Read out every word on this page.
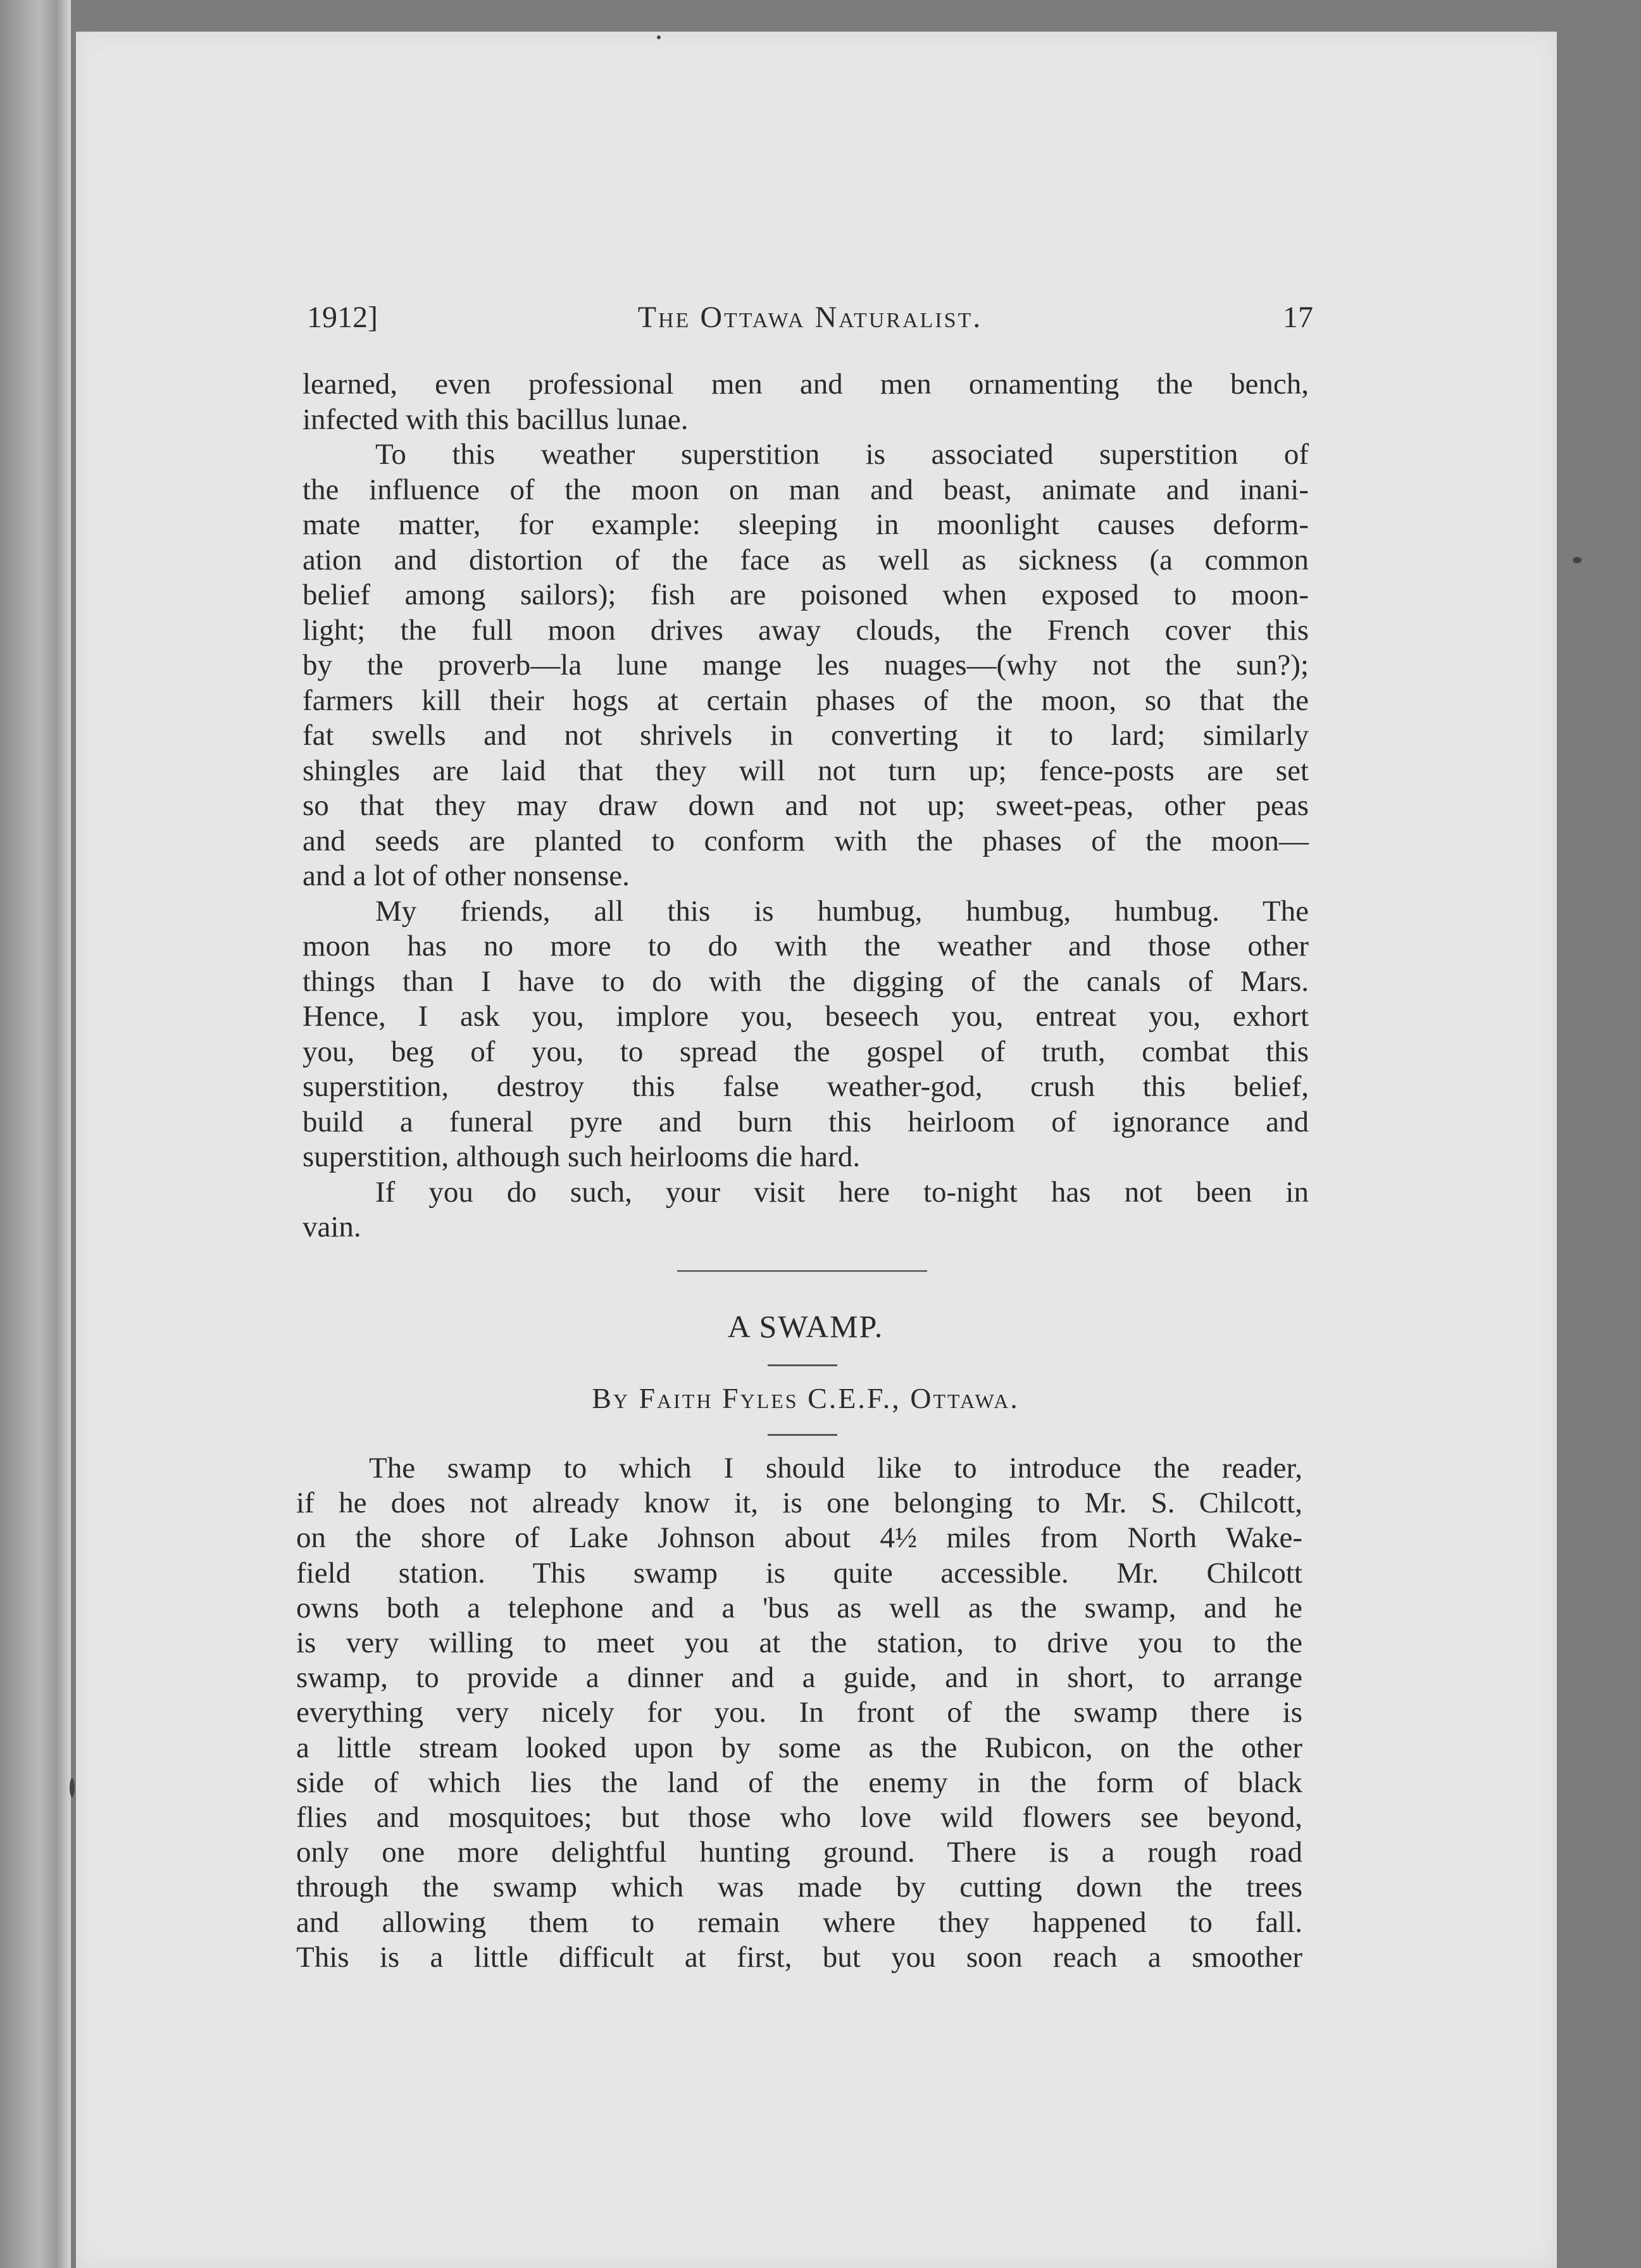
1912]	The Ottawa Naturalist.	17
learned, even professional men and men ornamenting the bench,
infected with this bacillus lunae.
To this weather superstition is associated superstition of
the influence of the moon on man and beast, animate and inani-
mate matter, for example: sleeping in moonlight causes deform-
ation and distortion of the face as well as sickness (a common
belief among sailors); fish are poisoned when exposed to moon-
light; the full moon drives away clouds, the French cover this
by the proverb—la lune mange les nuages—(why not the sun?);
farmers kill their hogs at certain phases of the moon, so that the
fat swells and not shrivels in converting it to lard; similarly
shingles are laid that they will not turn up; fence-posts are set
so that they may draw down and not up; sweet-peas, other peas
and seeds are planted to conform with the phases of the moon—
and a lot of other nonsense.
My friends, all this is humbug, humbug, humbug. The
moon has no more to do with the weather and those other
things than I have to do with the digging of the canals of Mars.
Hence, I ask you, implore you, beseech you, entreat you, exhort
you, beg of you, to spread the gospel of truth, combat this
superstition, destroy this false weather-god, crush this belief,
build a funeral pyre and burn this heirloom of ignorance and
superstition, although such heirlooms die hard.
If you do such, your visit here to-night has not been in
vain.
A SWAMP.
By Faith Fyles C.E.F., Ottawa.
The swamp to which I should like to introduce the reader,
if he does not already know it, is one belonging to Mr. S. Chilcott,
on the shore of Lake Johnson about 4½ miles from North Wake-
field station. This swamp is quite accessible. Mr. Chilcott
owns both a telephone and a 'bus as well as the swamp, and he
is very willing to meet you at the station, to drive you to the
swamp, to provide a dinner and a guide, and in short, to arrange
everything very nicely for you. In front of the swamp there is
a little stream looked upon by some as the Rubicon, on the other
side of which lies the land of the enemy in the form of black
flies and mosquitoes; but those who love wild flowers see beyond,
only one more delightful hunting ground. There is a rough road
through the swamp which was made by cutting down the trees
and allowing them to remain where they happened to fall.
This is a little difficult at first, but you soon reach a smoother
